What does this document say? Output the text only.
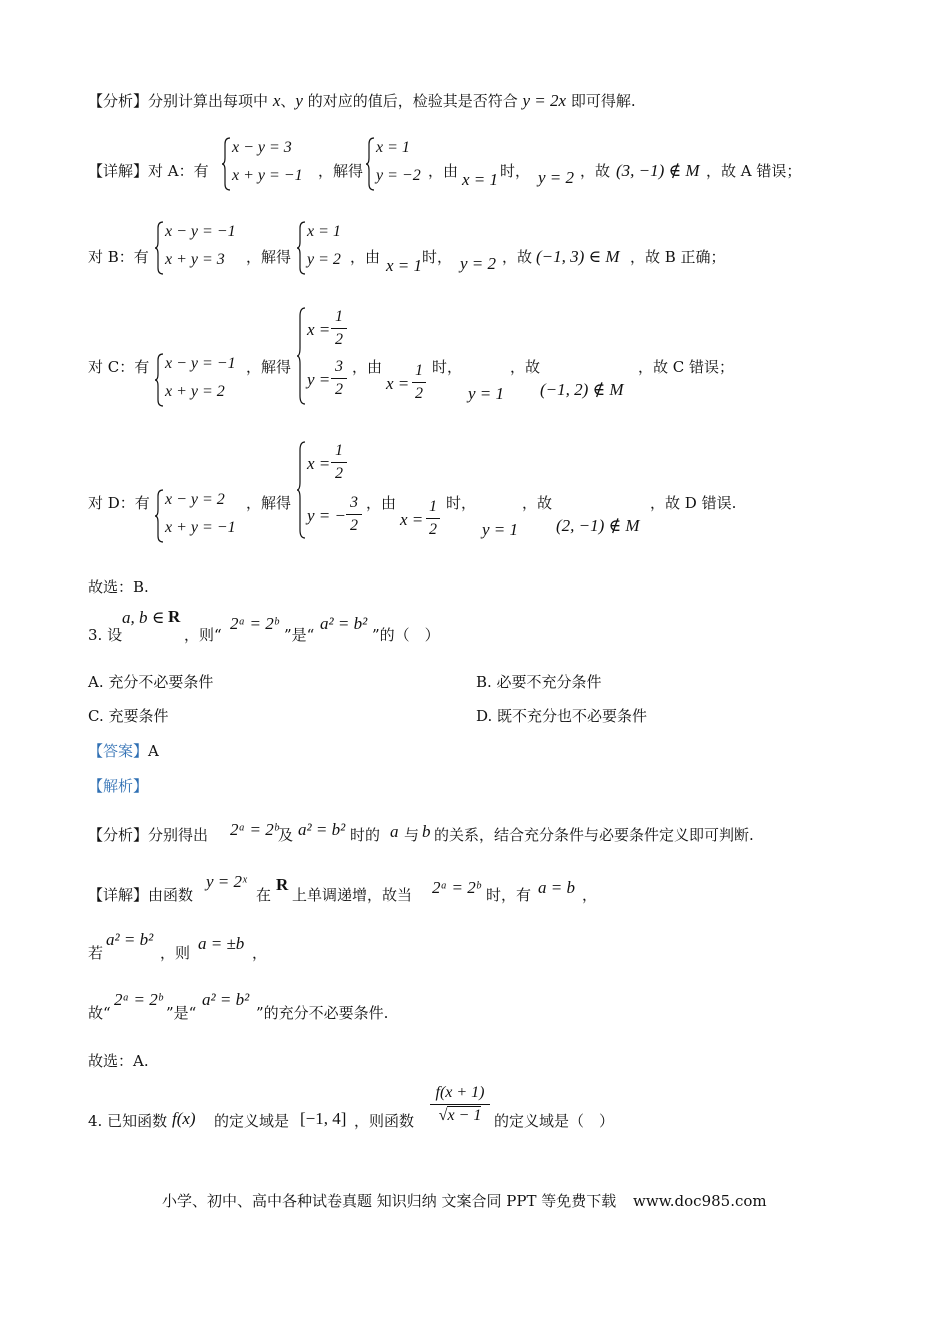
【分析】分别计算出每项中 x、y 的对应的值后，检验其是否符合 y = 2x 即可得解.
【详解】对 A：有
x − y = 3
x + y = −1 ，解得
x = 1
y = −2 ，由 x = 1 时， y = 2 ，故 (3, −1) ∉ M ，故 A 错误；
对 B：有
x − y = −1
x + y = 3 ，解得
x = 1
y = 2 ，由 x = 1 时， y = 2 ，故 (−1, 3) ∈ M ，故 B 正确；
对 C：有 x − y = −1
x + y = 2
，解得
x =
1
2
y =
3
2
，由
x =
1
2
时，
y = 1
，故
(−1, 2) ∉ M
，故 C 错误；
对 D：有 x − y = 2
x + y = −1
，解得
x =
1
2
y = −
3
2
，由
x =
1
2
时，
y = 1
，故
(2, −1) ∉ M
，故 D 错误.
故选：B.
3. 设
a, b ∈ R
，则“
2ᵃ = 2ᵇ
”是“
a² = b²
”的（　）
A. 充分不必要条件	B. 必要不充分条件
C. 充要条件	D. 既不充分也不必要条件
【答案】A
【解析】
【分析】分别得出 2ᵃ = 2ᵇ 及 a² = b² 时的 a 与 b 的关系，结合充分条件与必要条件定义即可判断.
【详解】由函数
y = 2ˣ
在
R
上单调递增，故当 2ᵃ = 2ᵇ 时，有 a = b ，
若
a² = b²
，则 a = ±b ，
故“
2ᵃ = 2ᵇ
”是“
a² = b²
”的充分不必要条件.
故选：A.
4. 已知函数 f(x) 的定义域是 [−1, 4] ，则函数
f(x + 1)
√x − 1 的定义域是（　）
小学、初中、高中各种试卷真题 知识归纳 文案合同 PPT 等免费下载 www.doc985.com
